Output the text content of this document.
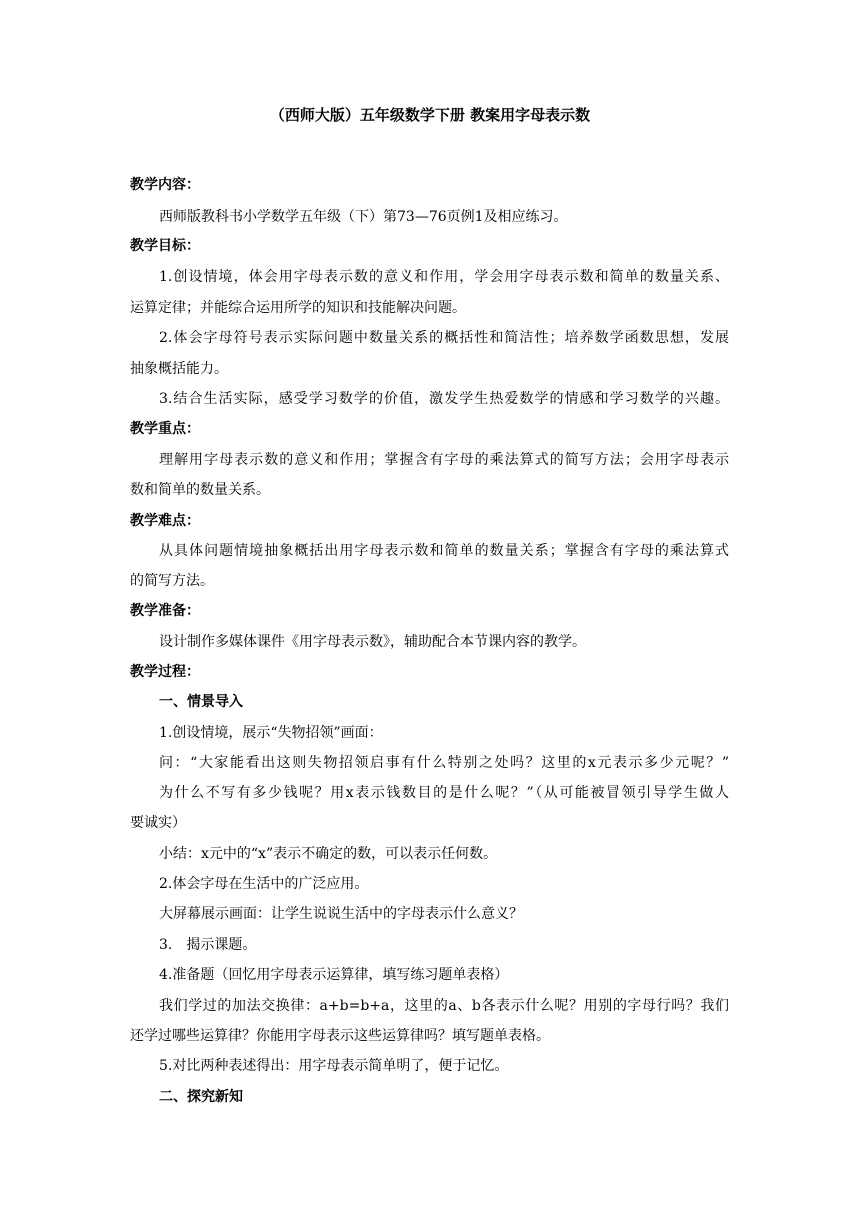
（西师大版）五年级数学下册 教案用字母表示数
教学内容：
西师版教科书小学数学五年级（下）第73—76页例1及相应练习。
教学目标：
1.创设情境，体会用字母表示数的意义和作用，学会用字母表示数和简单的数量关系、
运算定律；并能综合运用所学的知识和技能解决问题。
2.体会字母符号表示实际问题中数量关系的概括性和简洁性；培养数学函数思想，发展
抽象概括能力。
3.结合生活实际，感受学习数学的价值，激发学生热爱数学的情感和学习数学的兴趣。
教学重点：
理解用字母表示数的意义和作用；掌握含有字母的乘法算式的简写方法；会用字母表示
数和简单的数量关系。
教学难点：
从具体问题情境抽象概括出用字母表示数和简单的数量关系；掌握含有字母的乘法算式
的简写方法。
教学准备：
设计制作多媒体课件《用字母表示数》，辅助配合本节课内容的教学。
教学过程：
一、情景导入
1.创设情境，展示“失物招领”画面：
问：“大家能看出这则失物招领启事有什么特别之处吗？这里的x元表示多少元呢？”
为什么不写有多少钱呢？用x表示钱数目的是什么呢？”（从可能被冒领引导学生做人
要诚实）
小结：x元中的“x”表示不确定的数，可以表示任何数。
2.体会字母在生活中的广泛应用。
大屏幕展示画面：让学生说说生活中的字母表示什么意义？
3.　揭示课题。
4.准备题（回忆用字母表示运算律，填写练习题单表格）
我们学过的加法交换律：a+b=b+a，这里的a、b各表示什么呢？用别的字母行吗？我们
还学过哪些运算律？你能用字母表示这些运算律吗？填写题单表格。
5.对比两种表述得出：用字母表示简单明了，便于记忆。
二、探究新知
